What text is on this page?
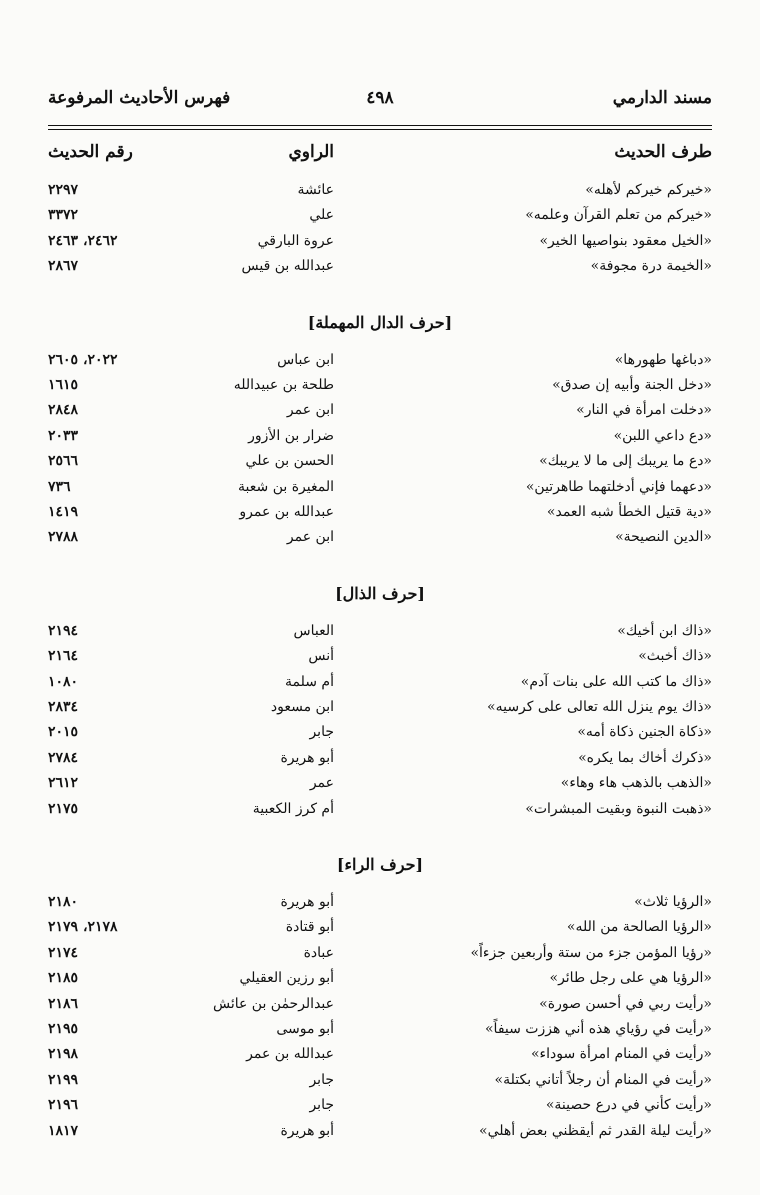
مسند الدارمي
٤٩٨
فهرس الأحاديث المرفوعة
طرف الحديث
الراوي
رقم الحديث
«خيركم خيركم لأهله»
عائشة
٢٢٩٧
«خيركم من تعلم القرآن وعلمه»
علي
٣٣٧٢
«الخيل معقود بنواصيها الخير»
عروة البارقي
٢٤٦٢، ٢٤٦٣
«الخيمة درة مجوفة»
عبدالله بن قيس
٢٨٦٧
[حرف الدال المهملة]
«دباغها طهورها»
ابن عباس
٢٠٢٢، ٢٦٠٥
«دخل الجنة وأبيه إن صدق»
طلحة بن عبيدالله
١٦١٥
«دخلت امرأة في النار»
ابن عمر
٢٨٤٨
«دع داعي اللبن»
ضرار بن الأزور
٢٠٣٣
«دع ما يريبك إلى ما لا يريبك»
الحسن بن علي
٢٥٦٦
«دعهما فإني أدخلتهما طاهرتين»
المغيرة بن شعبة
٧٣٦
«دية قتيل الخطأ شبه العمد»
عبدالله بن عمرو
١٤١٩
«الدين النصيحة»
ابن عمر
٢٧٨٨
[حرف الذال]
«ذاك ابن أخيك»
العباس
٢١٩٤
«ذاك أخبث»
أنس
٢١٦٤
«ذاك ما كتب الله على بنات آدم»
أم سلمة
١٠٨٠
«ذاك يوم ينزل الله تعالى على كرسيه»
ابن مسعود
٢٨٣٤
«ذكاة الجنين ذكاة أمه»
جابر
٢٠١٥
«ذكرك أخاك بما يكره»
أبو هريرة
٢٧٨٤
«الذهب بالذهب هاء وهاء»
عمر
٢٦١٢
«ذهبت النبوة وبقيت المبشرات»
أم كرز الكعبية
٢١٧٥
[حرف الراء]
«الرؤيا ثلاث»
أبو هريرة
٢١٨٠
«الرؤيا الصالحة من الله»
أبو قتادة
٢١٧٨، ٢١٧٩
«رؤيا المؤمن جزء من ستة وأربعين جزءاً»
عبادة
٢١٧٤
«الرؤيا هي على رجل طائر»
أبو رزين العقيلي
٢١٨٥
«رأيت ربي في أحسن صورة»
عبدالرحمٰن بن عائش
٢١٨٦
«رأيت في رؤياي هذه أني هززت سيفاً»
أبو موسى
٢١٩٥
«رأيت في المنام امرأة سوداء»
عبدالله بن عمر
٢١٩٨
«رأيت في المنام أن رجلاً أتاني بكتلة»
جابر
٢١٩٩
«رأيت كأني في درع حصينة»
جابر
٢١٩٦
«رأيت ليلة القدر ثم أيقظني بعض أهلي»
أبو هريرة
١٨١٧
